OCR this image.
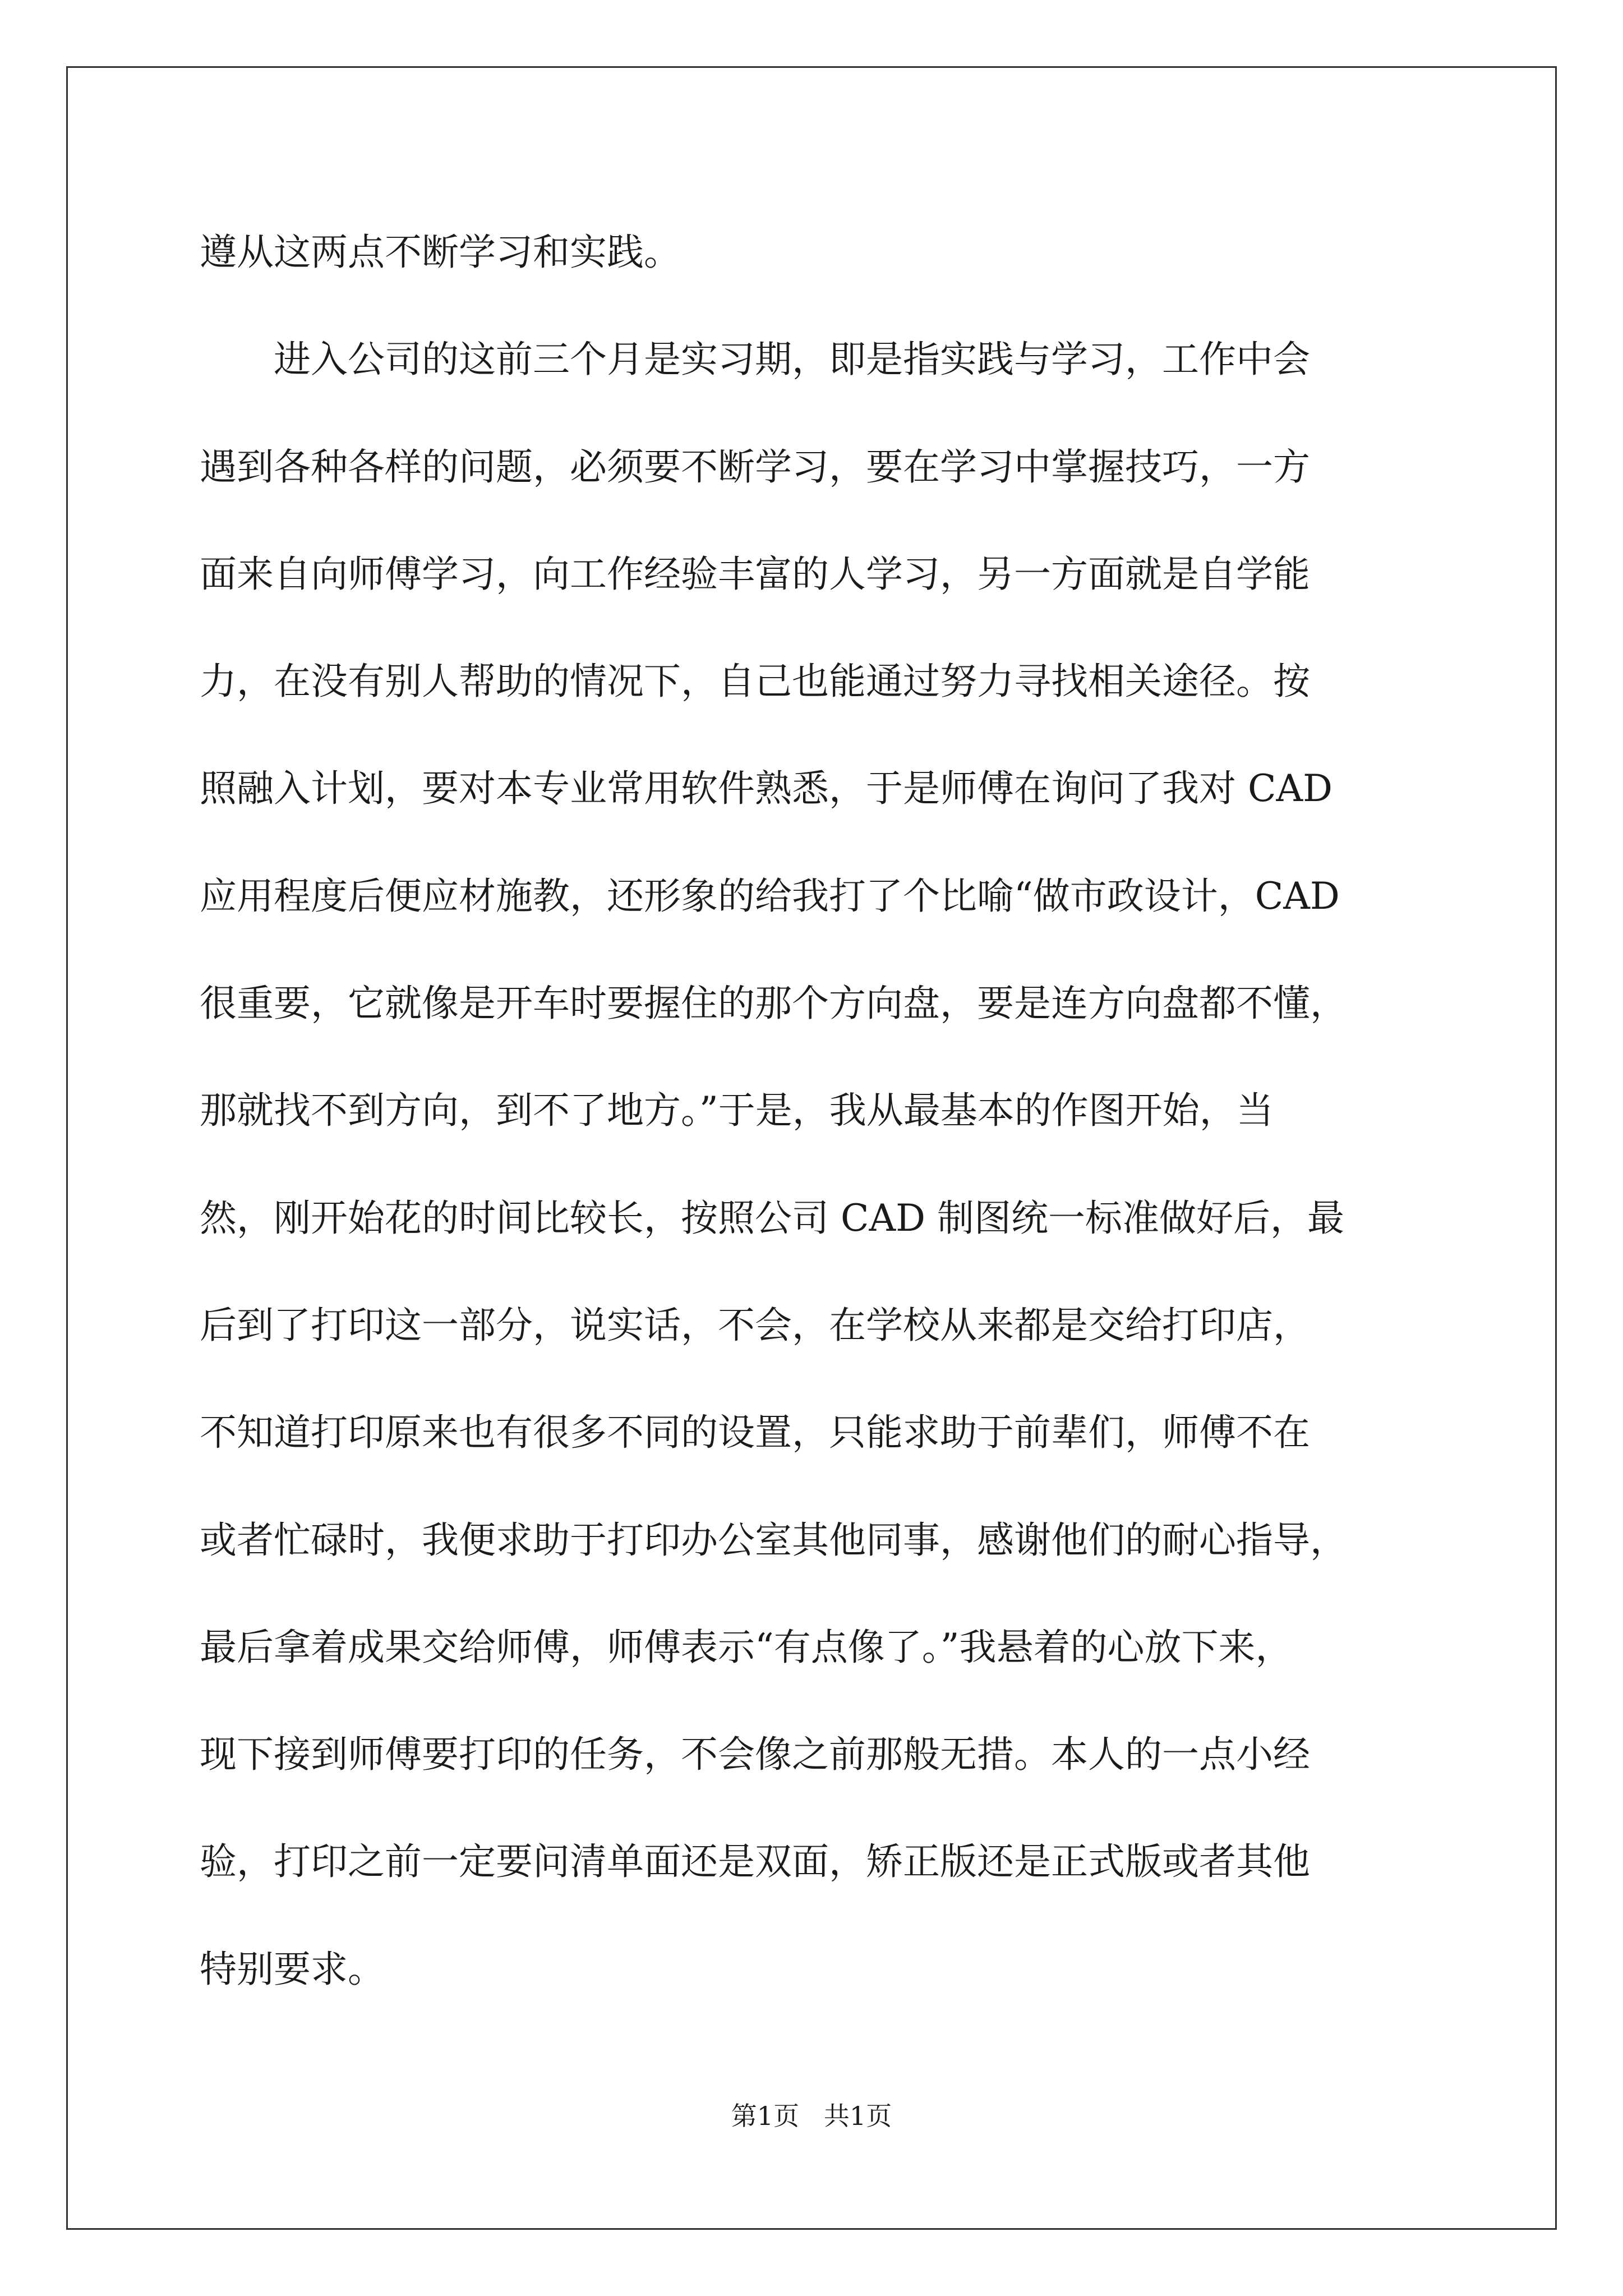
遵从这两点不断学习和实践。
进入公司的这前三个月是实习期，即是指实践与学习，工作中会
遇到各种各样的问题，必须要不断学习，要在学习中掌握技巧，一方
面来自向师傅学习，向工作经验丰富的人学习，另一方面就是自学能
力，在没有别人帮助的情况下，自己也能通过努力寻找相关途径。按
照融入计划，要对本专业常用软件熟悉，于是师傅在询问了我对 CAD
应用程度后便应材施教，还形象的给我打了个比喻“做市政设计，CAD
很重要，它就像是开车时要握住的那个方向盘，要是连方向盘都不懂，
那就找不到方向，到不了地方。”于是，我从最基本的作图开始，当
然，刚开始花的时间比较长，按照公司 CAD 制图统一标准做好后，最
后到了打印这一部分，说实话，不会，在学校从来都是交给打印店，
不知道打印原来也有很多不同的设置，只能求助于前辈们，师傅不在
或者忙碌时，我便求助于打印办公室其他同事，感谢他们的耐心指导，
最后拿着成果交给师傅，师傅表示“有点像了。”我悬着的心放下来，
现下接到师傅要打印的任务，不会像之前那般无措。本人的一点小经
验，打印之前一定要问清单面还是双面，矫正版还是正式版或者其他
特别要求。
第1页   共1页
